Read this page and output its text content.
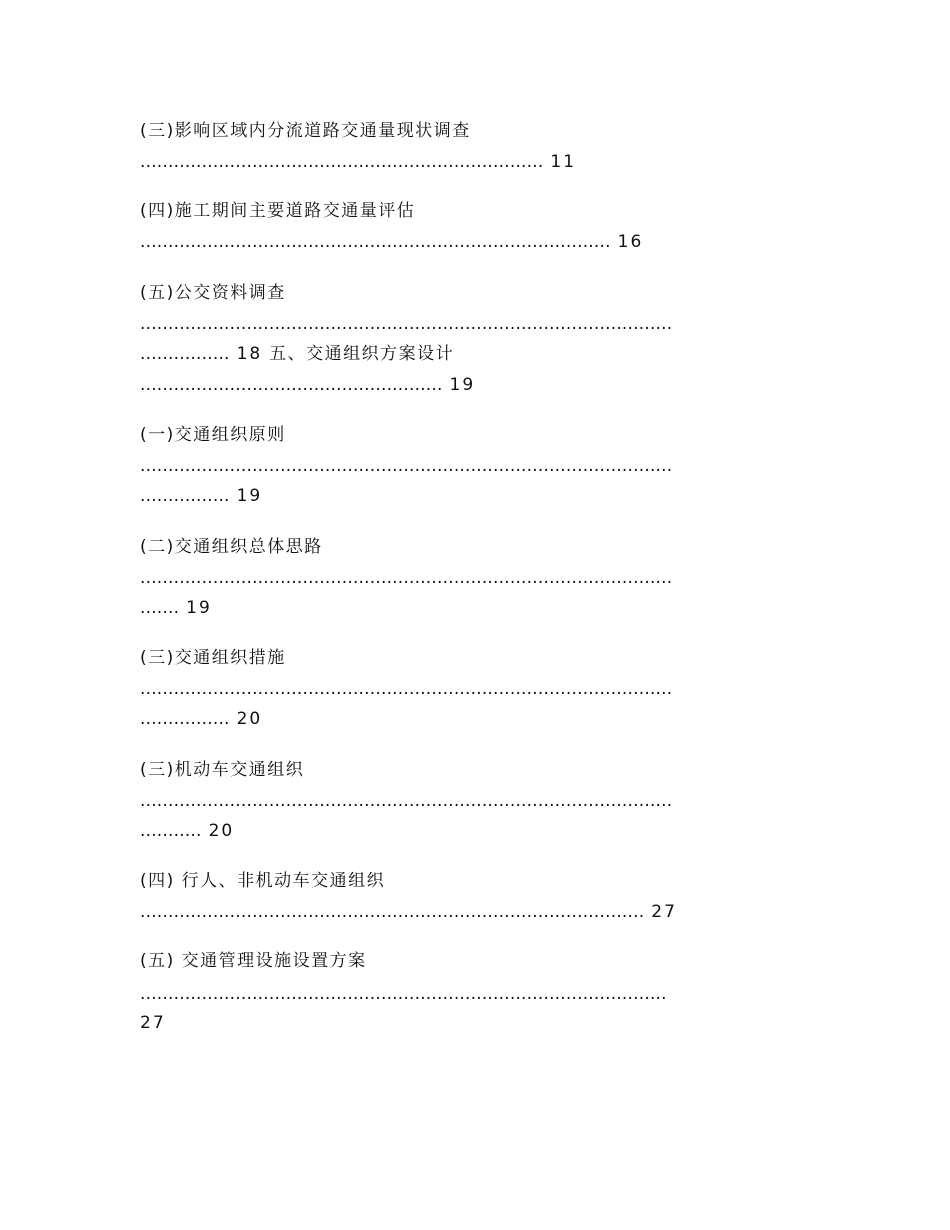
(三)影响区域内分流道路交通量现状调查
........................................................................ 11
(四)施工期间主要道路交通量评估
.................................................................................... 16
(五)公交资料调查
...............................................................................................
................ 18 五、交通组织方案设计
...................................................... 19
(一)交通组织原则
...............................................................................................
................ 19
(二)交通组织总体思路
...............................................................................................
....... 19
(三)交通组织措施
...............................................................................................
................ 20
(三)机动车交通组织
...............................................................................................
........... 20
(四) 行人、非机动车交通组织
.......................................................................................... 27
(五) 交通管理设施设置方案
..............................................................................................
27
